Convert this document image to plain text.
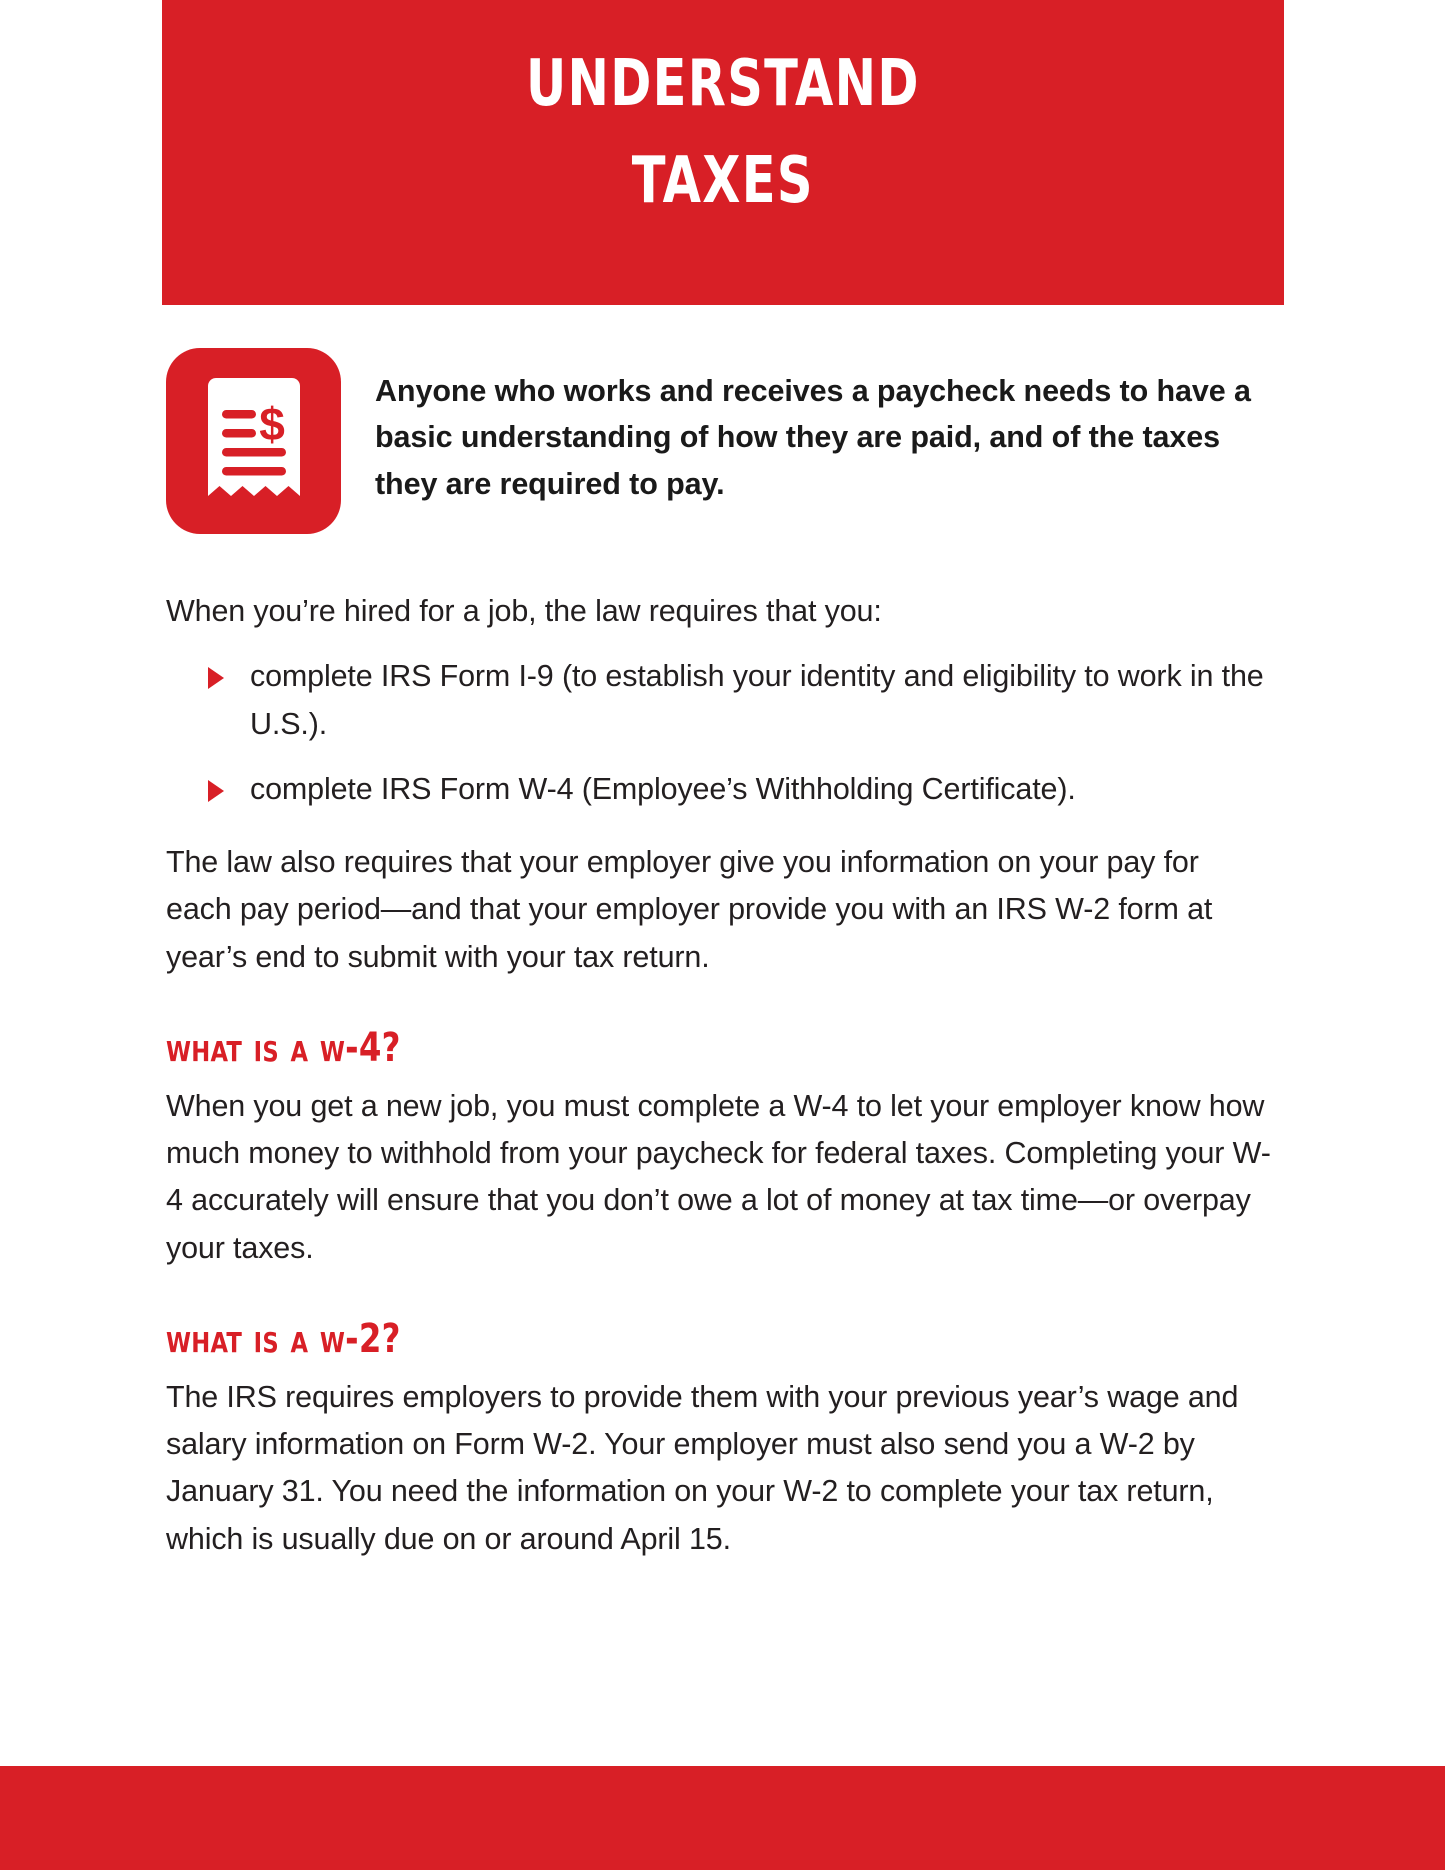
understand
taxes
$
Anyone who works and receives a paycheck needs to have a basic understanding of how they are paid, and of the taxes they are required to pay.

When you’re hired for a job, the law requires that you:

complete IRS Form I-9 (to establish your identity and eligibility to work in the U.S.).
complete IRS Form W-4 (Employee’s Withholding Certificate).

The law also requires that your employer give you information on your pay for each pay period—and that your employer provide you with an IRS W-2 form at year’s end to submit with your tax return.

what is a w-4?

When you get a new job, you must complete a W-4 to let your employer know how much money to withhold from your paycheck for federal taxes. Completing your W-4 accurately will ensure that you don’t owe a lot of money at tax time—or overpay your taxes.

what is a w-2?

The IRS requires employers to provide them with your previous year’s wage and salary information on Form W-2. Your employer must also send you a W-2 by January 31. You need the information on your W-2 to complete your tax return, which is usually due on or around April 15.
